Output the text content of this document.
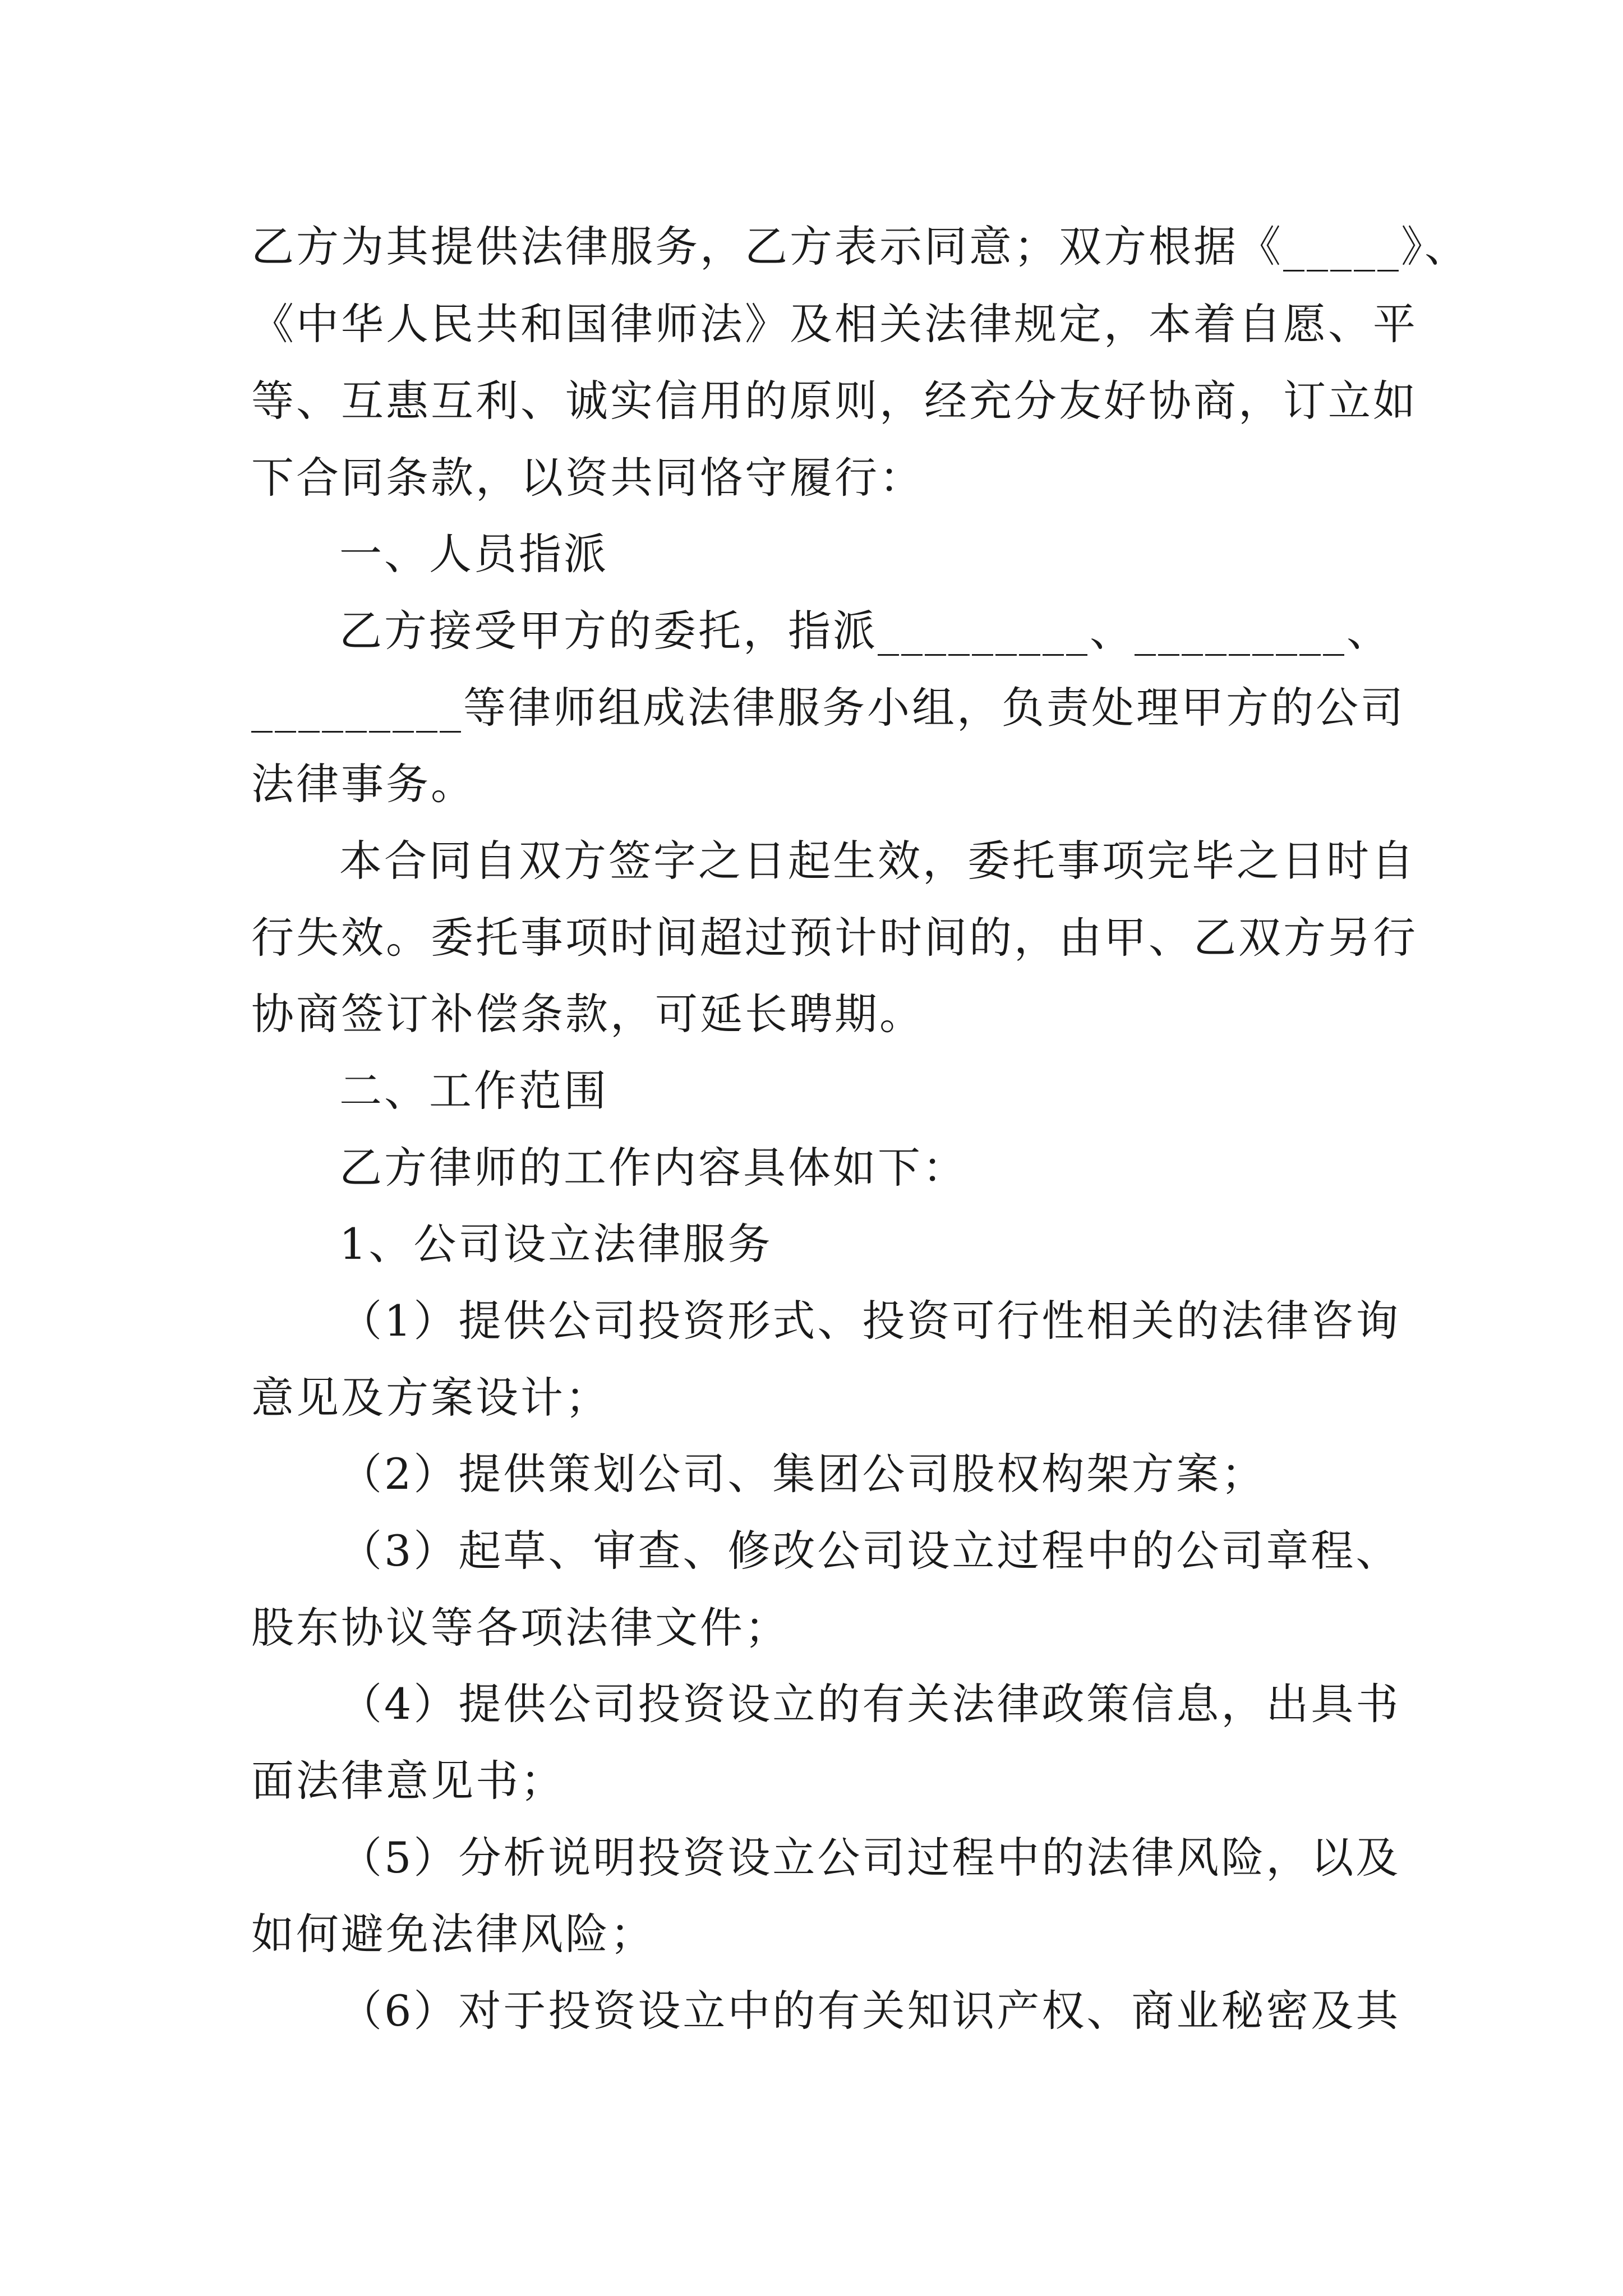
乙方为其提供法律服务，乙方表示同意；双方根据《_____》、
《中华人民共和国律师法》及相关法律规定，本着自愿、平
等、互惠互利、诚实信用的原则，经充分友好协商，订立如
下合同条款，以资共同恪守履行：
一、人员指派
乙方接受甲方的委托，指派_________、_________、
_________等律师组成法律服务小组，负责处理甲方的公司
法律事务。
本合同自双方签字之日起生效，委托事项完毕之日时自
行失效。委托事项时间超过预计时间的，由甲、乙双方另行
协商签订补偿条款，可延长聘期。
二、工作范围
乙方律师的工作内容具体如下：
1、公司设立法律服务
（1）提供公司投资形式、投资可行性相关的法律咨询
意见及方案设计；
（2）提供策划公司、集团公司股权构架方案；
（3）起草、审查、修改公司设立过程中的公司章程、
股东协议等各项法律文件；
（4）提供公司投资设立的有关法律政策信息，出具书
面法律意见书；
（5）分析说明投资设立公司过程中的法律风险，以及
如何避免法律风险；
（6）对于投资设立中的有关知识产权、商业秘密及其
